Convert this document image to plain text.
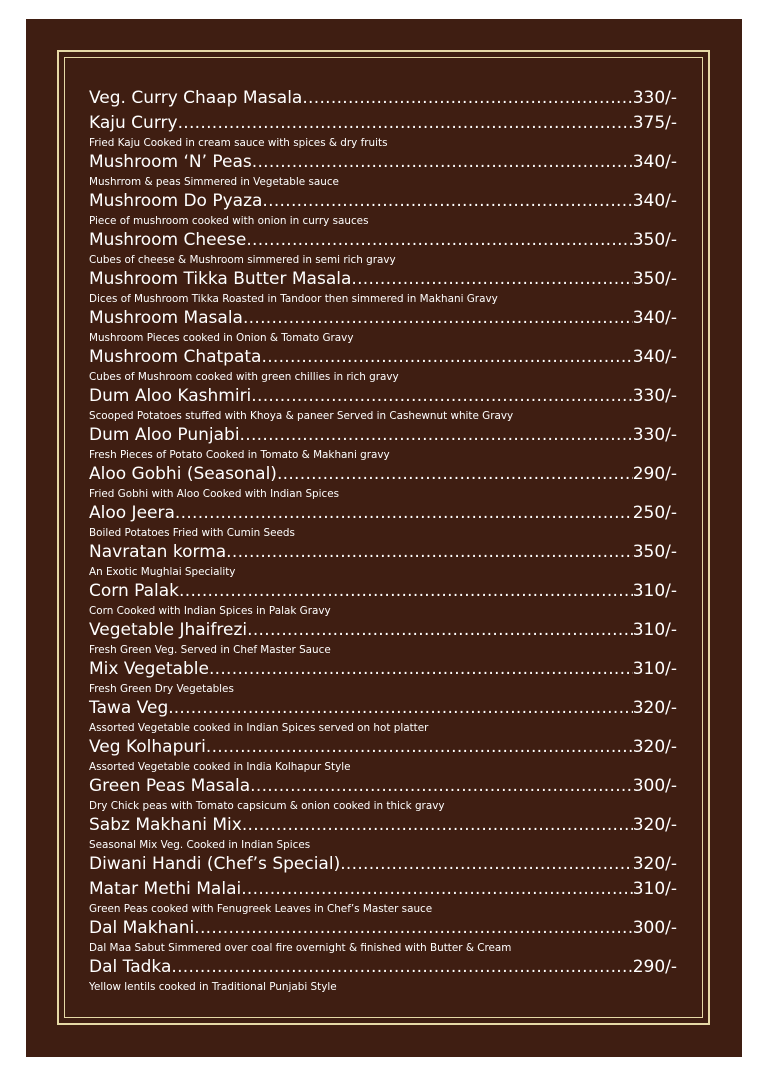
Veg. Curry Chaap Masala .....	330/-
Kaju Curry .....	375/-
Fried Kaju Cooked in cream sauce with spices & dry fruits
Mushroom ‘N’ Peas .....	340/-
Mushrrom & peas Simmered in Vegetable sauce
Mushroom Do Pyaza .....	340/-
Piece of mushroom cooked with onion in curry sauces
Mushroom Cheese .....	350/-
Cubes of cheese & Mushroom simmered in semi rich gravy
Mushroom Tikka Butter Masala .....	350/-
Dices of Mushroom Tikka Roasted in Tandoor then simmered in Makhani Gravy
Mushroom Masala .....	340/-
Mushroom Pieces cooked in Onion & Tomato Gravy
Mushroom Chatpata .....	340/-
Cubes of Mushroom cooked with green chillies in rich gravy
Dum Aloo Kashmiri .....	330/-
Scooped Potatoes stuffed with Khoya & paneer Served in Cashewnut white Gravy
Dum Aloo Punjabi .....	330/-
Fresh Pieces of Potato Cooked in Tomato & Makhani gravy
Aloo Gobhi (Seasonal) .....	290/-
Fried Gobhi with Aloo Cooked with Indian Spices
Aloo Jeera .....	250/-
Boiled Potatoes Fried with Cumin Seeds
Navratan korma .....	350/-
An Exotic Mughlai Speciality
Corn Palak .....	310/-
Corn Cooked with Indian Spices in Palak Gravy
Vegetable Jhaifrezi .....	310/-
Fresh Green Veg. Served in Chef Master Sauce
Mix Vegetable .....	310/-
Fresh Green Dry Vegetables
Tawa Veg. .....	320/-
Assorted Vegetable cooked in Indian Spices served on hot platter
Veg Kolhapuri .....	320/-
Assorted Vegetable cooked in India Kolhapur Style
Green Peas Masala .....	300/-
Dry Chick peas with Tomato capsicum & onion cooked in thick gravy
Sabz Makhani Mix .....	320/-
Seasonal Mix Veg. Cooked in Indian Spices
Diwani Handi (Chef’s Special) .....	320/-
Matar Methi Malai .....	310/-
Green Peas cooked with Fenugreek Leaves in Chef’s Master sauce
Dal Makhani .....	300/-
Dal Maa Sabut Simmered over coal fire overnight & finished with Butter & Cream
Dal Tadka .....	290/-
Yellow lentils cooked in Traditional Punjabi Style
